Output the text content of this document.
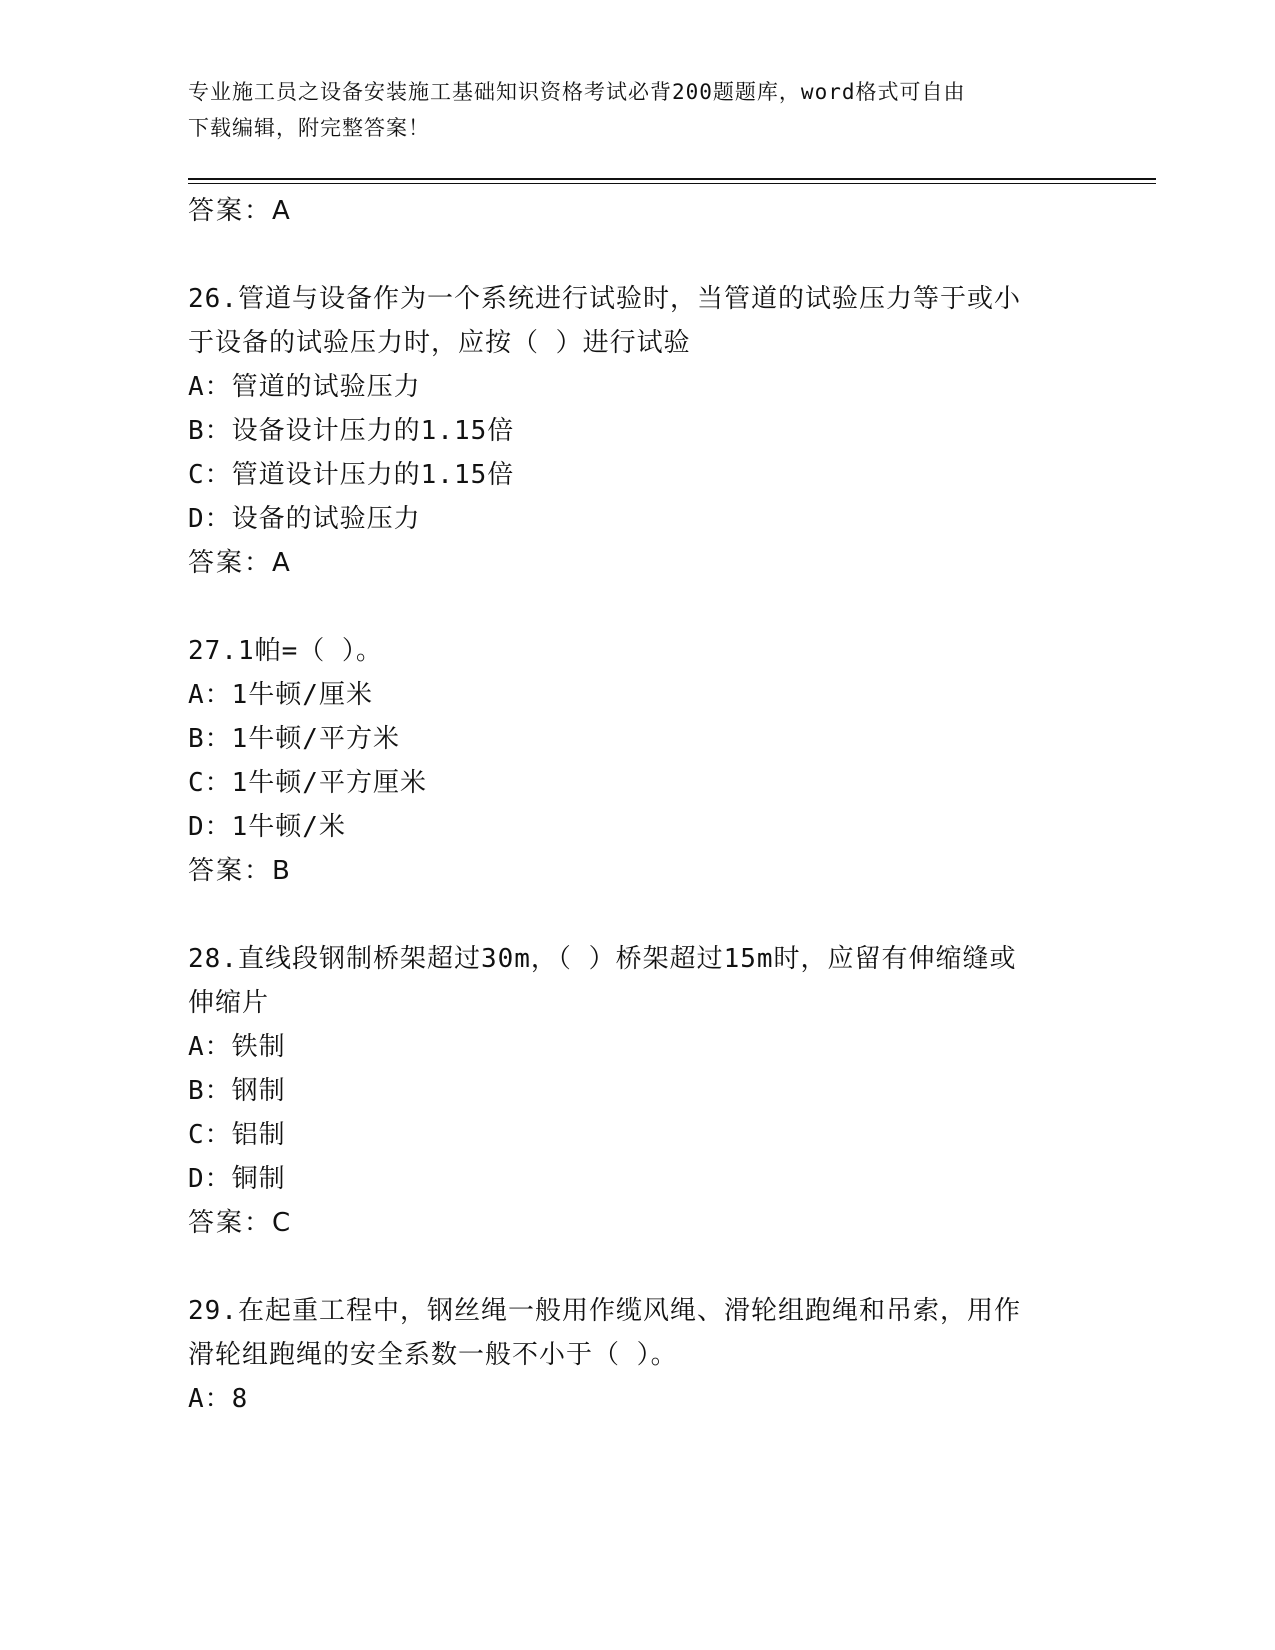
专业施工员之设备安装施工基础知识资格考试必背200题题库，word格式可自由
下载编辑，附完整答案！
答案：A
26.管道与设备作为一个系统进行试验时，当管道的试验压力等于或小
于设备的试验压力时，应按（ ）进行试验
A：管道的试验压力
B：设备设计压力的1.15倍
C：管道设计压力的1.15倍
D：设备的试验压力
答案：A
27.1帕=（ ）。
A：1牛顿/厘米
B：1牛顿/平方米
C：1牛顿/平方厘米
D：1牛顿/米
答案：B
28.直线段钢制桥架超过30m，（ ）桥架超过15m时，应留有伸缩缝或
伸缩片
A：铁制
B：钢制
C：铝制
D：铜制
答案：C
29.在起重工程中，钢丝绳一般用作缆风绳、滑轮组跑绳和吊索，用作
滑轮组跑绳的安全系数一般不小于（ ）。
A：8
